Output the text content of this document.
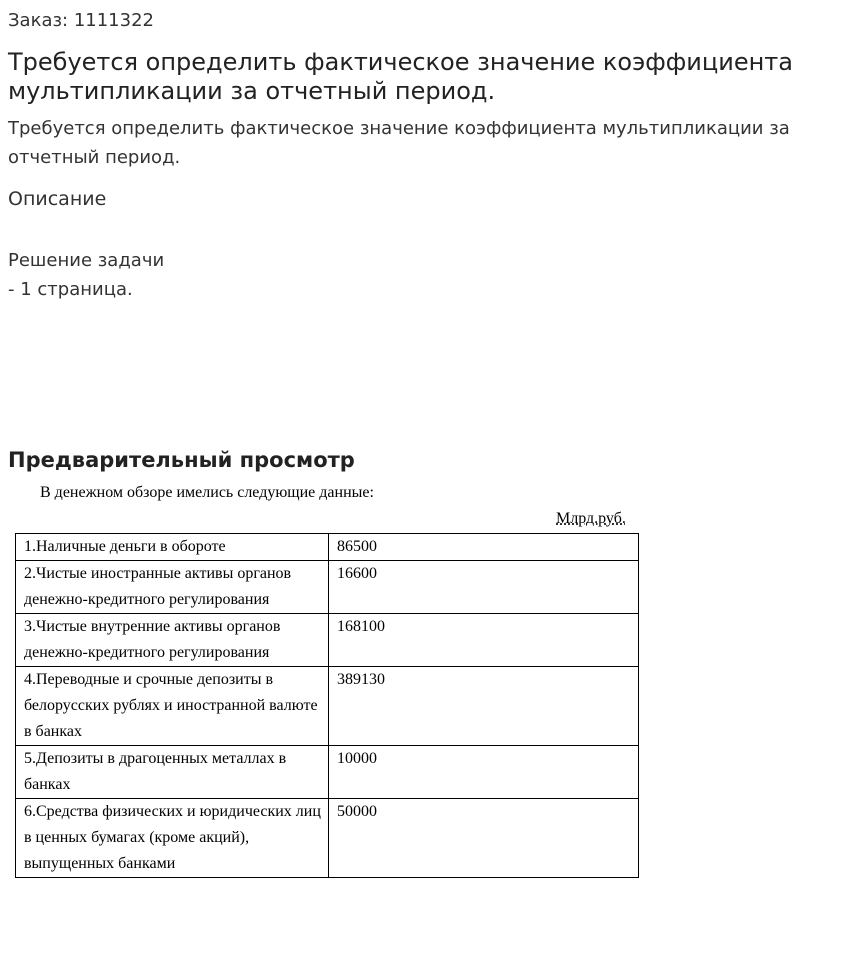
Заказ: 1111322
Требуется определить фактическое значение коэффициента мультипликации за отчетный период.
Требуется определить фактическое значение коэффициента мультипликации за отчетный период.
Описание
Решение задачи
- 1 страница.
Предварительный просмотр
В денежном обзоре имелись следующие данные:
Млрд.руб.
1.Наличные деньги в обороте	86500
2.Чистые иностранные активы органов денежно-кредитного регулирования	16600
3.Чистые внутренние активы органов денежно-кредитного регулирования	168100
4.Переводные и срочные депозиты в белорусских рублях и иностранной валюте в банках	389130
5.Депозиты в драгоценных металлах в банках	10000
6.Средства физических и юридических лиц в ценных бумагах (кроме акций), выпущенных банками	50000
